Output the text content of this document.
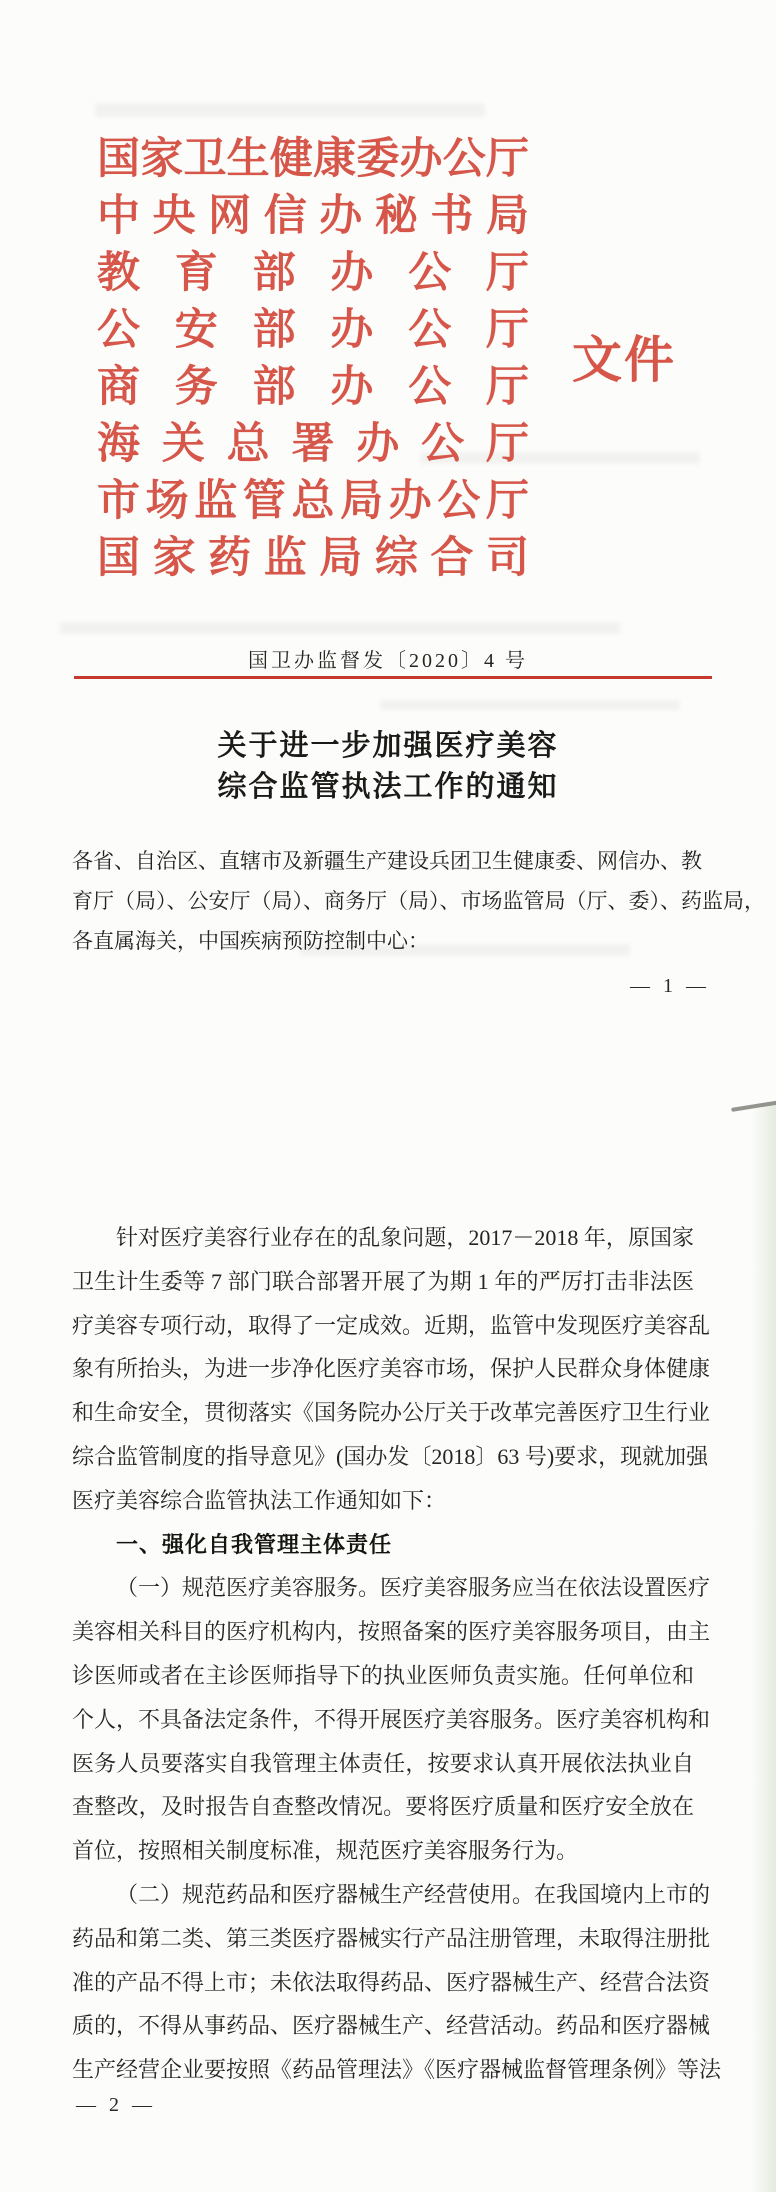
国家卫生健康委办公厅
中央网信办秘书局
教育部办公厅
公安部办公厅
商务部办公厅
海关总署办公厅
市场监管总局办公厅
国家药监局综合司
文件
国卫办监督发〔2020〕4 号
关于进一步加强医疗美容
综合监管执法工作的通知
各省、自治区、直辖市及新疆生产建设兵团卫生健康委、网信办、教
育厅（局）、公安厅（局）、商务厅（局）、市场监管局（厅、委）、药监局，
各直属海关，中国疾病预防控制中心：
— 1 —
针对医疗美容行业存在的乱象问题，2017－2018 年，原国家
卫生计生委等 7 部门联合部署开展了为期 1 年的严厉打击非法医
疗美容专项行动，取得了一定成效。近期，监管中发现医疗美容乱
象有所抬头，为进一步净化医疗美容市场，保护人民群众身体健康
和生命安全，贯彻落实《国务院办公厅关于改革完善医疗卫生行业
综合监管制度的指导意见》(国办发〔2018〕63 号)要求，现就加强
医疗美容综合监管执法工作通知如下：
一、强化自我管理主体责任
（一）规范医疗美容服务。医疗美容服务应当在依法设置医疗
美容相关科目的医疗机构内，按照备案的医疗美容服务项目，由主
诊医师或者在主诊医师指导下的执业医师负责实施。任何单位和
个人，不具备法定条件，不得开展医疗美容服务。医疗美容机构和
医务人员要落实自我管理主体责任，按要求认真开展依法执业自
查整改，及时报告自查整改情况。要将医疗质量和医疗安全放在
首位，按照相关制度标准，规范医疗美容服务行为。
（二）规范药品和医疗器械生产经营使用。在我国境内上市的
药品和第二类、第三类医疗器械实行产品注册管理，未取得注册批
准的产品不得上市；未依法取得药品、医疗器械生产、经营合法资
质的，不得从事药品、医疗器械生产、经营活动。药品和医疗器械
生产经营企业要按照《药品管理法》《医疗器械监督管理条例》等法
— 2 —
